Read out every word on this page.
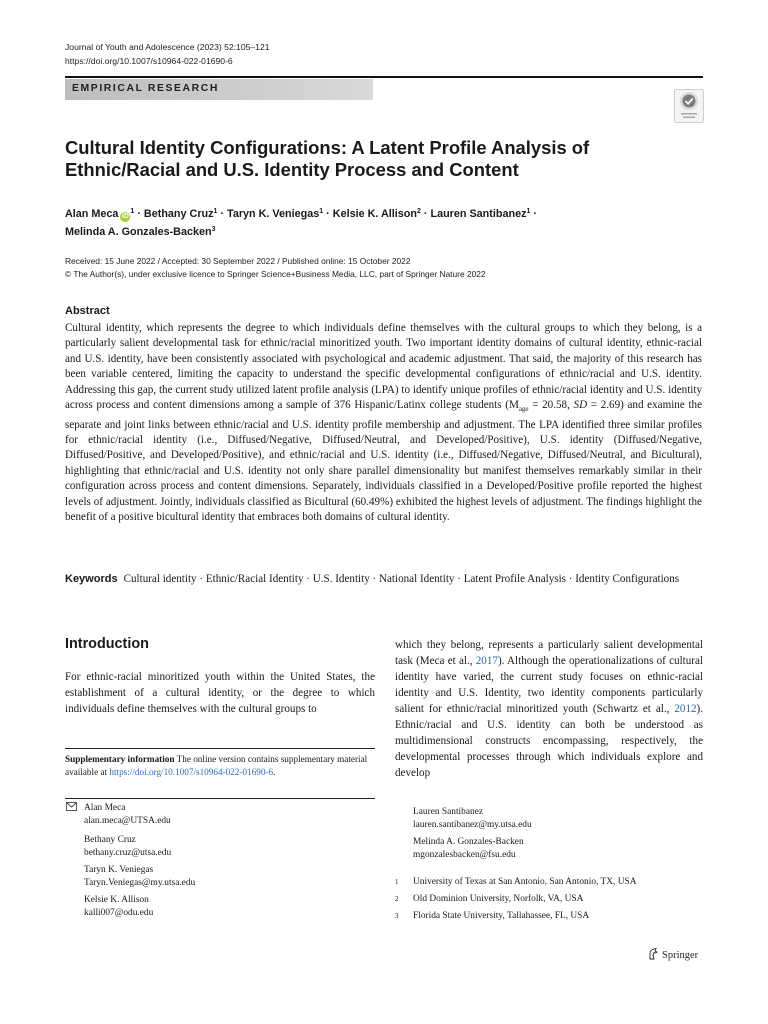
Journal of Youth and Adolescence (2023) 52:105–121
https://doi.org/10.1007/s10964-022-01690-6
EMPIRICAL RESEARCH
Cultural Identity Configurations: A Latent Profile Analysis of Ethnic/Racial and U.S. Identity Process and Content
Alan Meca $iD^1$ · Bethany Cruz$^1$ · Taryn K. Veniegas$^1$ · Kelsie K. Allison$^2$ · Lauren Santibanez$^1$ ·
Melinda A. Gonzales-Backen$^3$
Received: 15 June 2022 / Accepted: 30 September 2022 / Published online: 15 October 2022
© The Author(s), under exclusive licence to Springer Science+Business Media, LLC, part of Springer Nature 2022
Abstract
Cultural identity, which represents the degree to which individuals define themselves with the cultural groups to which they belong, is a particularly salient developmental task for ethnic/racial minoritized youth. Two important identity domains of cultural identity, ethnic-racial and U.S. identity, have been consistently associated with psychological and academic adjustment. That said, the majority of this research has been variable centered, limiting the capacity to understand the specific developmental configurations of ethnic/racial and U.S. identity. Addressing this gap, the current study utilized latent profile analysis (LPA) to identify unique profiles of ethnic/racial identity and U.S. identity across process and content dimensions among a sample of 376 Hispanic/Latinx college students ($M_{age} = 20.58$, SD = 2.69) and examine the separate and joint links between ethnic/racial and U.S. identity profile membership and adjustment. The LPA identified three similar profiles for ethnic/racial identity (i.e., Diffused/Negative, Diffused/Neutral, and Developed/Positive), U.S. identity (Diffused/Negative, Diffused/Positive, and Developed/Positive), and ethnic/racial and U.S. identity (i.e., Diffused/Negative, Diffused/Neutral, and Bicultural), highlighting that ethnic/racial and U.S. identity not only share parallel dimensionality but manifest themselves remarkably similar in their configuration across process and content dimensions. Separately, individuals classified in a Developed/Positive profile reported the highest levels of adjustment. Jointly, individuals classified as Bicultural (60.49%) exhibited the highest levels of adjustment. The findings highlight the benefit of a positive bicultural identity that embraces both domains of cultural identity.
Keywords Cultural identity · Ethnic/Racial Identity · U.S. Identity · National Identity · Latent Profile Analysis · Identity Configurations
Introduction
For ethnic-racial minoritized youth within the United States, the establishment of a cultural identity, or the degree to which individuals define themselves with the cultural groups to
which they belong, represents a particularly salient developmental task (Meca et al., 2017). Although the operationalizations of cultural identity have varied, the current study focuses on ethnic-racial identity and U.S. Identity, two identity components particularly salient for ethnic/racial minoritized youth (Schwartz et al., 2012). Ethnic/racial and U.S. identity can both be understood as multidimensional constructs encompassing, respectively, the developmental processes through which individuals explore and develop
Supplementary information The online version contains supplementary material available at https://doi.org/10.1007/s10964-022-01690-6.
Alan Meca
alan.meca@UTSA.edu
Bethany Cruz
bethany.cruz@utsa.edu
Taryn K. Veniegas
Taryn.Veniegas@my.utsa.edu
Kelsie K. Allison
kalli007@odu.edu
Lauren Santibanez
lauren.santibanez@my.utsa.edu
Melinda A. Gonzales-Backen
mgonzalesbacken@fsu.edu
1 University of Texas at San Antonio, San Antonio, TX, USA
2 Old Dominion University, Norfolk, VA, USA
3 Florida State University, Tallahassee, FL, USA
Springer
